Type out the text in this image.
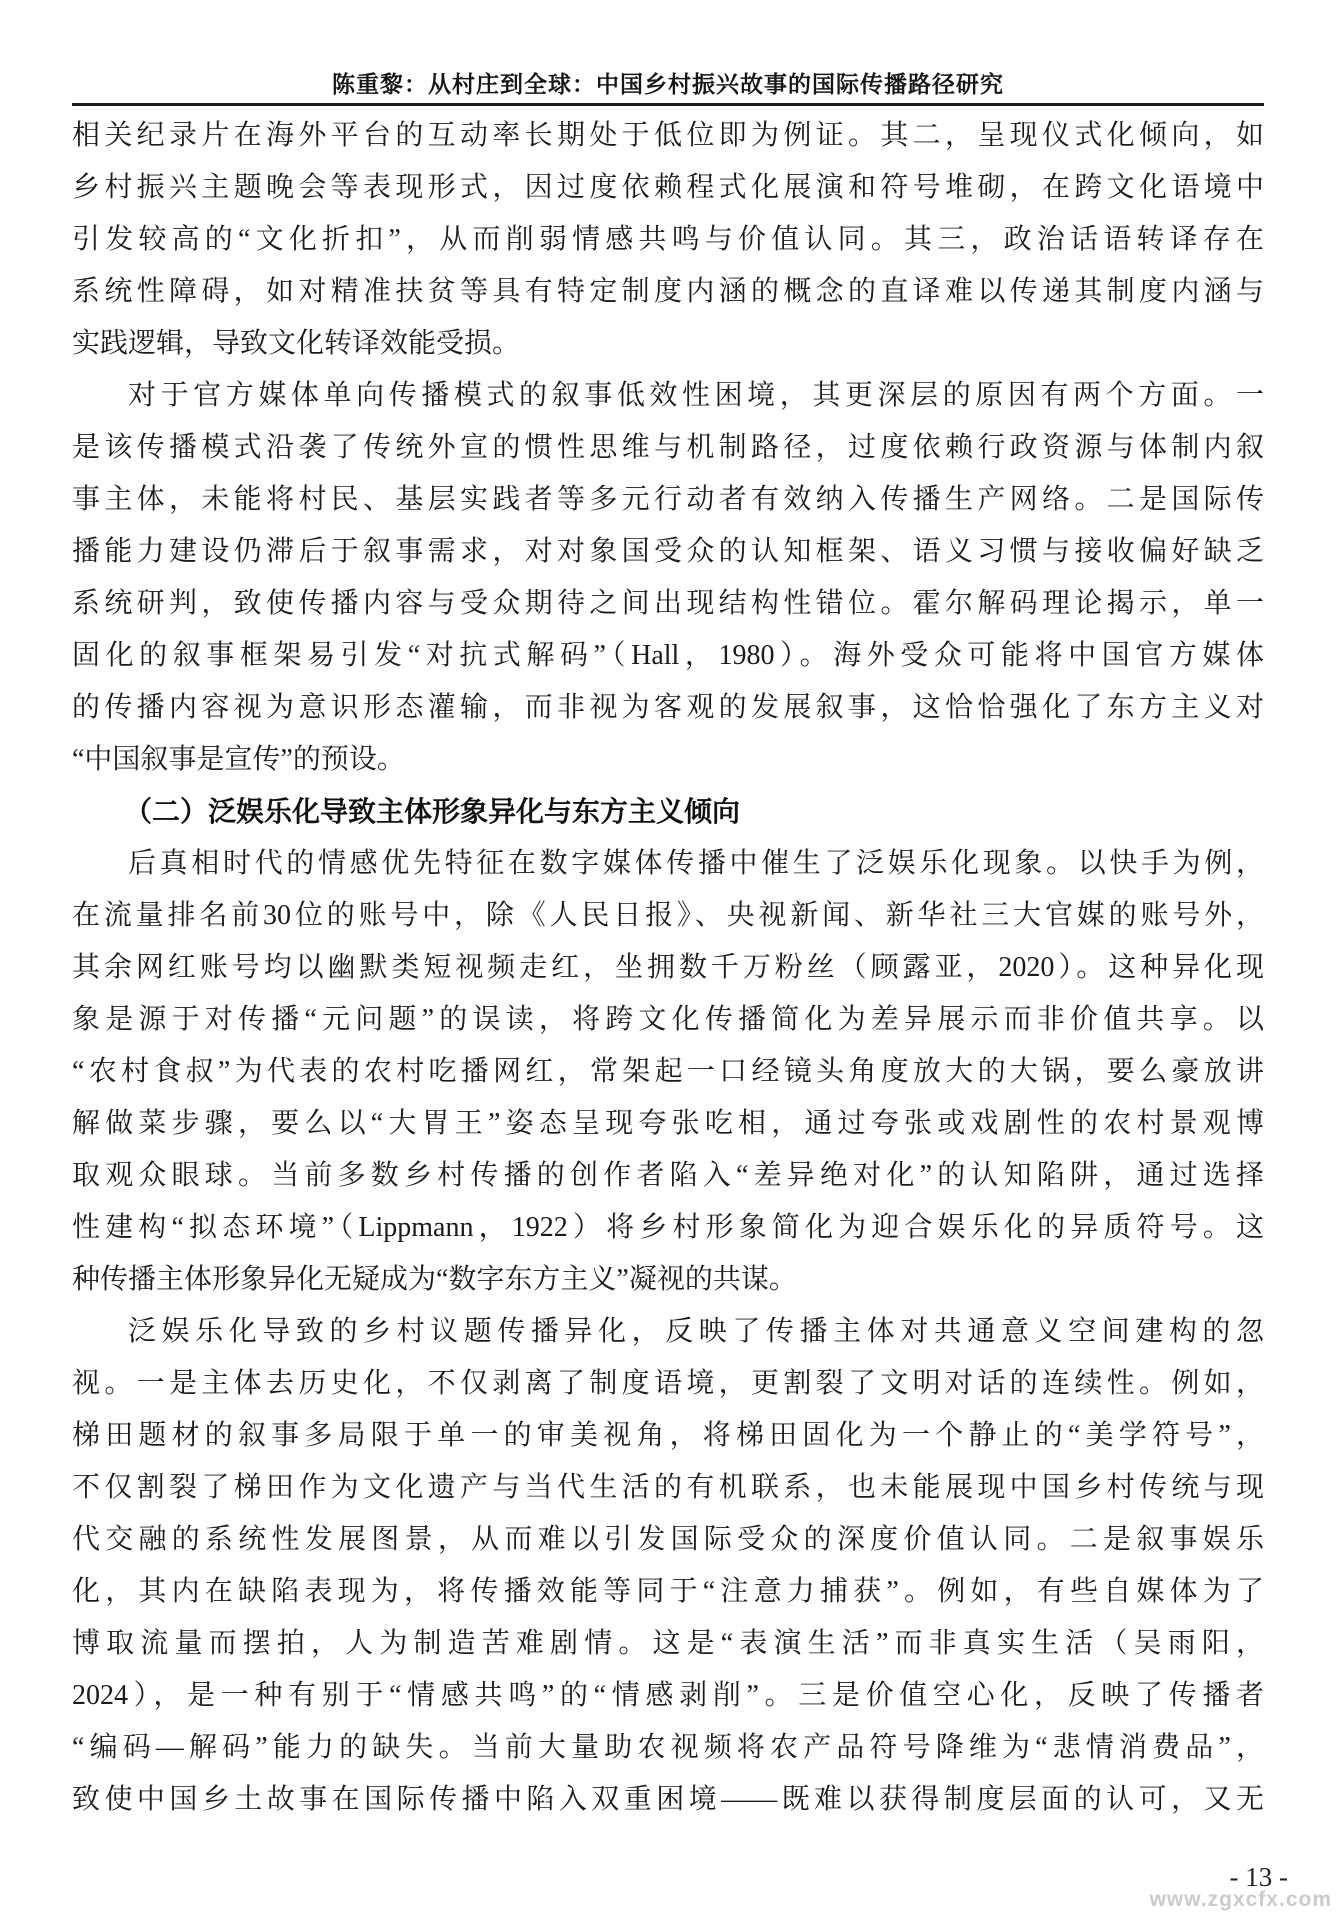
陈重黎：从村庄到全球：中国乡村振兴故事的国际传播路径研究
相关纪录片在海外平台的互动率长期处于低位即为例证。其二，呈现仪式化倾向，如
乡村振兴主题晚会等表现形式，因过度依赖程式化展演和符号堆砌，在跨文化语境中
引发较高的“文化折扣”，从而削弱情感共鸣与价值认同。其三，政治话语转译存在
系统性障碍，如对精准扶贫等具有特定制度内涵的概念的直译难以传递其制度内涵与
实践逻辑，导致文化转译效能受损。
对于官方媒体单向传播模式的叙事低效性困境，其更深层的原因有两个方面。一
是该传播模式沿袭了传统外宣的惯性思维与机制路径，过度依赖行政资源与体制内叙
事主体，未能将村民、基层实践者等多元行动者有效纳入传播生产网络。二是国际传
播能力建设仍滞后于叙事需求，对对象国受众的认知框架、语义习惯与接收偏好缺乏
系统研判，致使传播内容与受众期待之间出现结构性错位。霍尔解码理论揭示，单一
固化的叙事框架易引发“对抗式解码”（Hall，1980）。海外受众可能将中国官方媒体
的传播内容视为意识形态灌输，而非视为客观的发展叙事，这恰恰强化了东方主义对
“中国叙事是宣传”的预设。
（二）泛娱乐化导致主体形象异化与东方主义倾向
后真相时代的情感优先特征在数字媒体传播中催生了泛娱乐化现象。以快手为例，
在流量排名前30位的账号中，除《人民日报》、央视新闻、新华社三大官媒的账号外，
其余网红账号均以幽默类短视频走红，坐拥数千万粉丝（顾露亚，2020）。这种异化现
象是源于对传播“元问题”的误读，将跨文化传播简化为差异展示而非价值共享。以
“农村食叔”为代表的农村吃播网红，常架起一口经镜头角度放大的大锅，要么豪放讲
解做菜步骤，要么以“大胃王”姿态呈现夸张吃相，通过夸张或戏剧性的农村景观博
取观众眼球。当前多数乡村传播的创作者陷入“差异绝对化”的认知陷阱，通过选择
性建构“拟态环境”（Lippmann，1922）将乡村形象简化为迎合娱乐化的异质符号。这
种传播主体形象异化无疑成为“数字东方主义”凝视的共谋。
泛娱乐化导致的乡村议题传播异化，反映了传播主体对共通意义空间建构的忽
视。一是主体去历史化，不仅剥离了制度语境，更割裂了文明对话的连续性。例如，
梯田题材的叙事多局限于单一的审美视角，将梯田固化为一个静止的“美学符号”，
不仅割裂了梯田作为文化遗产与当代生活的有机联系，也未能展现中国乡村传统与现
代交融的系统性发展图景，从而难以引发国际受众的深度价值认同。二是叙事娱乐
化，其内在缺陷表现为，将传播效能等同于“注意力捕获”。例如，有些自媒体为了
博取流量而摆拍，人为制造苦难剧情。这是“表演生活”而非真实生活（吴雨阳，
2024），是一种有别于“情感共鸣”的“情感剥削”。三是价值空心化，反映了传播者
“编码—解码”能力的缺失。当前大量助农视频将农产品符号降维为“悲情消费品”，
致使中国乡土故事在国际传播中陷入双重困境——既难以获得制度层面的认可，又无
- 13 -
www.zgxcfx.com
